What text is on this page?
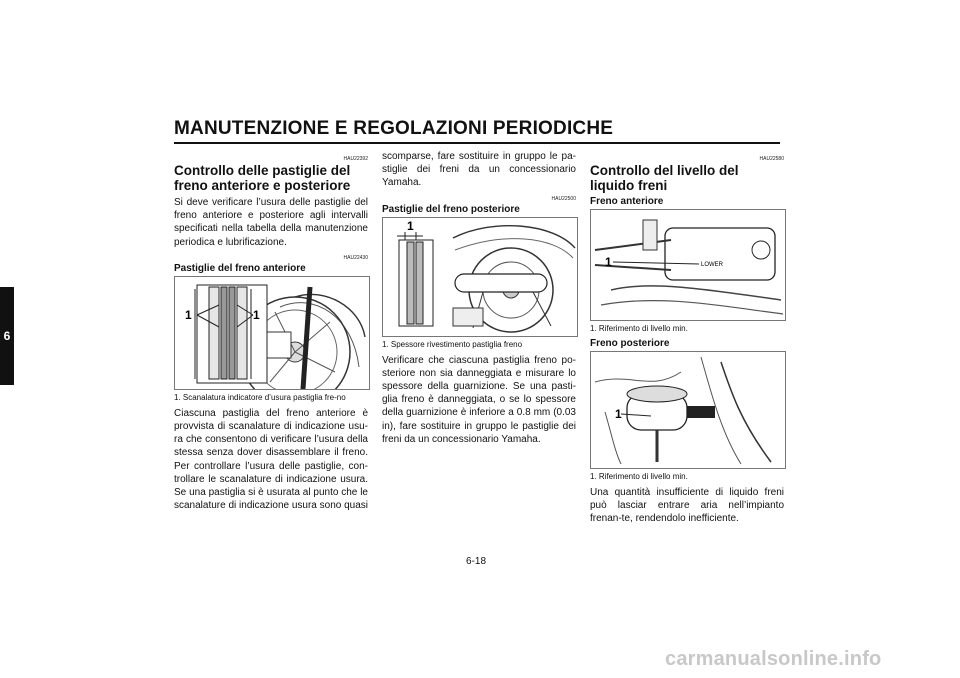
MANUTENZIONE E REGOLAZIONI PERIODICHE
6
HAU22392
Controllo delle pastiglie del freno anteriore e posteriore

Si deve verificare l’usura delle pastiglie del freno anteriore e posteriore agli intervalli specificati nella tabella della manutenzione periodica e lubrificazione.

HAU22430
Pastiglie del freno anteriore
1	1
1. Scanalatura indicatore d’usura pastiglia fre-no

Ciascuna pastiglia del freno anteriore è provvista di scanalature di indicazione usu-ra che consentono di verificare l’usura della stessa senza dover disassemblare il freno. Per controllare l’usura delle pastiglie, con-trollare le scanalature di indicazione usura. Se una pastiglia si è usurata al punto che le scanalature di indicazione usura sono quasi

scomparse, fare sostituire in gruppo le pa-stiglie dei freni da un concessionario Yamaha.

HAU22500
Pastiglie del freno posteriore
1
1. Spessore rivestimento pastiglia freno

Verificare che ciascuna pastiglia freno po-steriore non sia danneggiata e misurare lo spessore della guarnizione. Se una pasti-glia freno è danneggiata, o se lo spessore della guarnizione è inferiore a 0.8 mm (0.03 in), fare sostituire in gruppo le pastiglie dei freni da un concessionario Yamaha.

HAU22580
Controllo del livello del liquido freni
Freno anteriore
LOWER
1
1. Riferimento di livello min.
Freno posteriore
1
1. Riferimento di livello min.

Una quantità insufficiente di liquido freni può lasciar entrare aria nell’impianto frenan-te, rendendolo inefficiente.

6-18
carmanualsonline.info
